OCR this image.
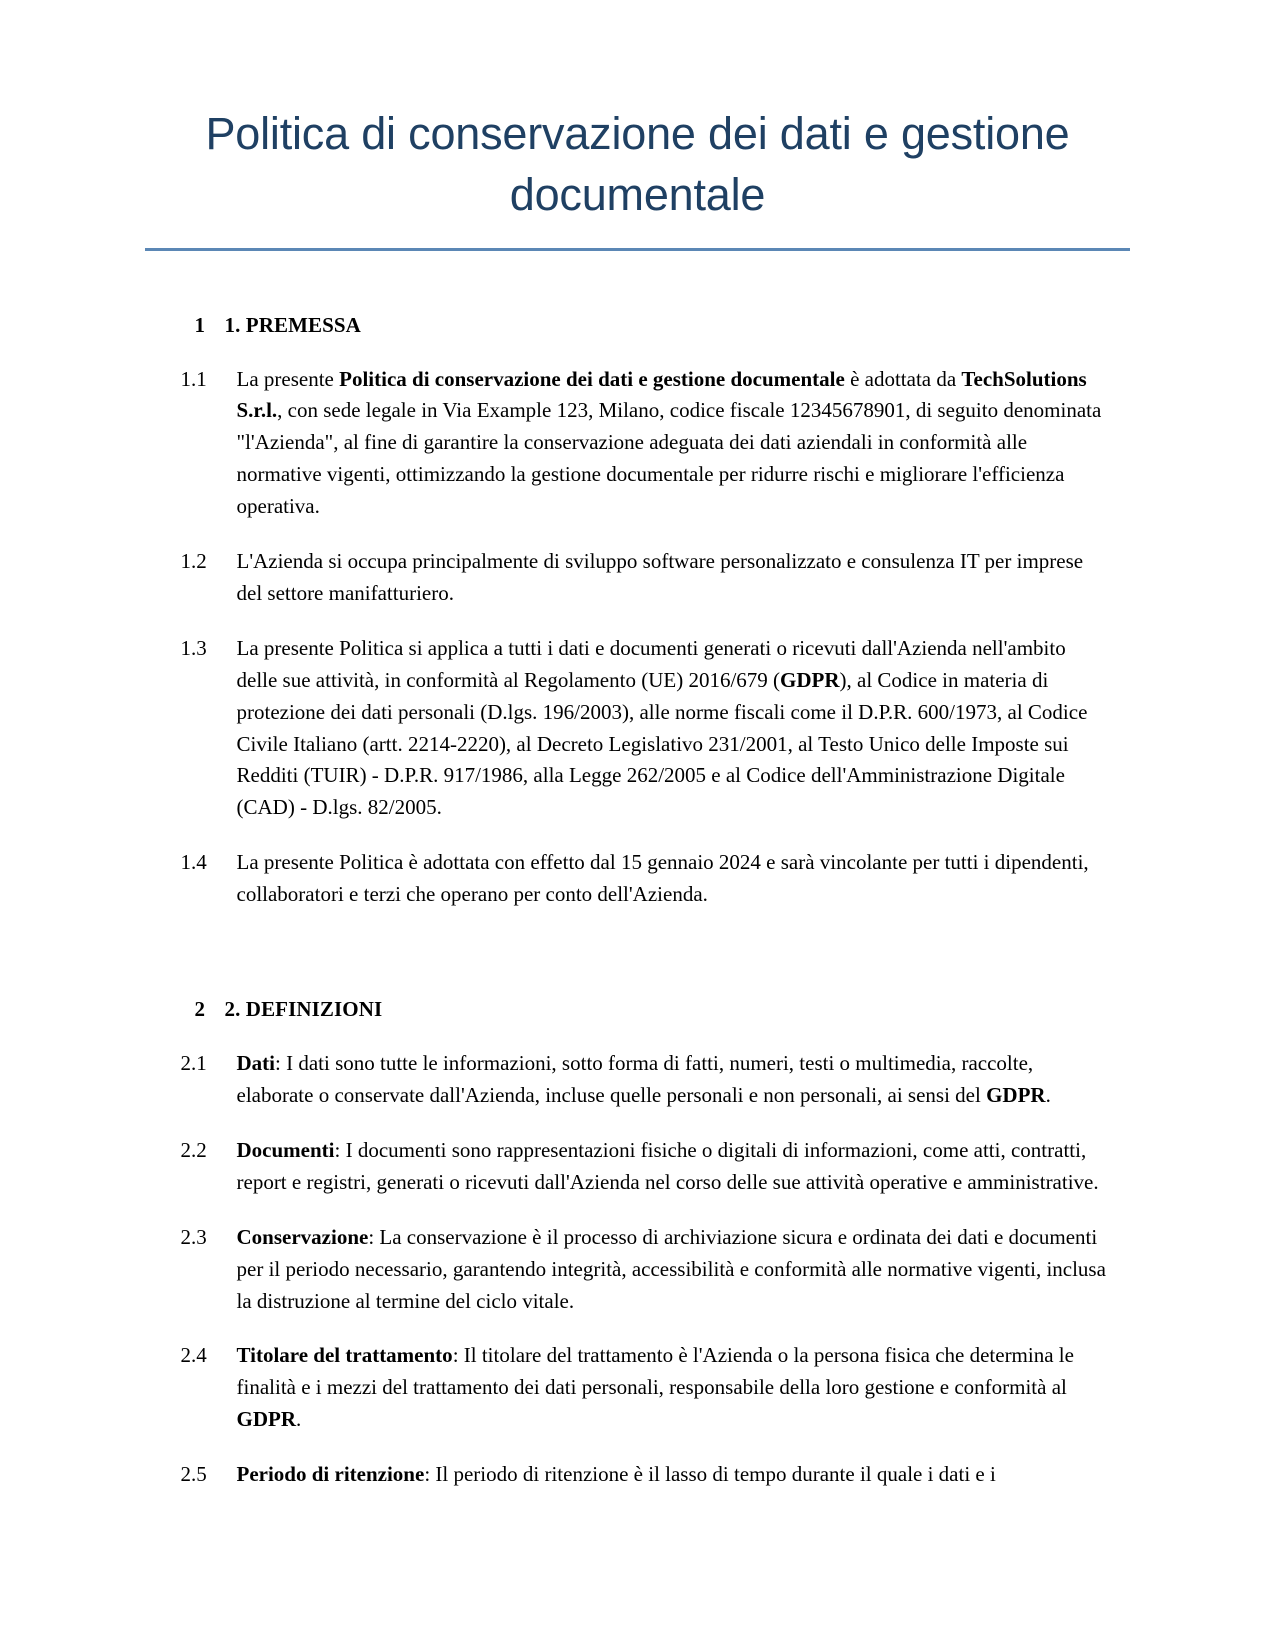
Politica di conservazione dei dati e gestione documentale
1 1. PREMESSA
1.1	La presente Politica di conservazione dei dati e gestione documentale è adottata da TechSolutions S.r.l., con sede legale in Via Example 123, Milano, codice fiscale 12345678901, di seguito denominata "l'Azienda", al fine di garantire la conservazione adeguata dei dati aziendali in conformità alle normative vigenti, ottimizzando la gestione documentale per ridurre rischi e migliorare l'efficienza operativa.
1.2	L'Azienda si occupa principalmente di sviluppo software personalizzato e consulenza IT per imprese del settore manifatturiero.
1.3	La presente Politica si applica a tutti i dati e documenti generati o ricevuti dall'Azienda nell'ambito delle sue attività, in conformità al Regolamento (UE) 2016/679 (GDPR), al Codice in materia di protezione dei dati personali (D.lgs. 196/2003), alle norme fiscali come il D.P.R. 600/1973, al Codice Civile Italiano (artt. 2214-2220), al Decreto Legislativo 231/2001, al Testo Unico delle Imposte sui Redditi (TUIR) - D.P.R. 917/1986, alla Legge 262/2005 e al Codice dell'Amministrazione Digitale (CAD) - D.lgs. 82/2005.
1.4	La presente Politica è adottata con effetto dal 15 gennaio 2024 e sarà vincolante per tutti i dipendenti, collaboratori e terzi che operano per conto dell'Azienda.
2 2. DEFINIZIONI
2.1	Dati: I dati sono tutte le informazioni, sotto forma di fatti, numeri, testi o multimedia, raccolte, elaborate o conservate dall'Azienda, incluse quelle personali e non personali, ai sensi del GDPR.
2.2	Documenti: I documenti sono rappresentazioni fisiche o digitali di informazioni, come atti, contratti, report e registri, generati o ricevuti dall'Azienda nel corso delle sue attività operative e amministrative.
2.3	Conservazione: La conservazione è il processo di archiviazione sicura e ordinata dei dati e documenti per il periodo necessario, garantendo integrità, accessibilità e conformità alle normative vigenti, inclusa la distruzione al termine del ciclo vitale.
2.4	Titolare del trattamento: Il titolare del trattamento è l'Azienda o la persona fisica che determina le finalità e i mezzi del trattamento dei dati personali, responsabile della loro gestione e conformità al GDPR.
2.5	Periodo di ritenzione: Il periodo di ritenzione è il lasso di tempo durante il quale i dati e i
